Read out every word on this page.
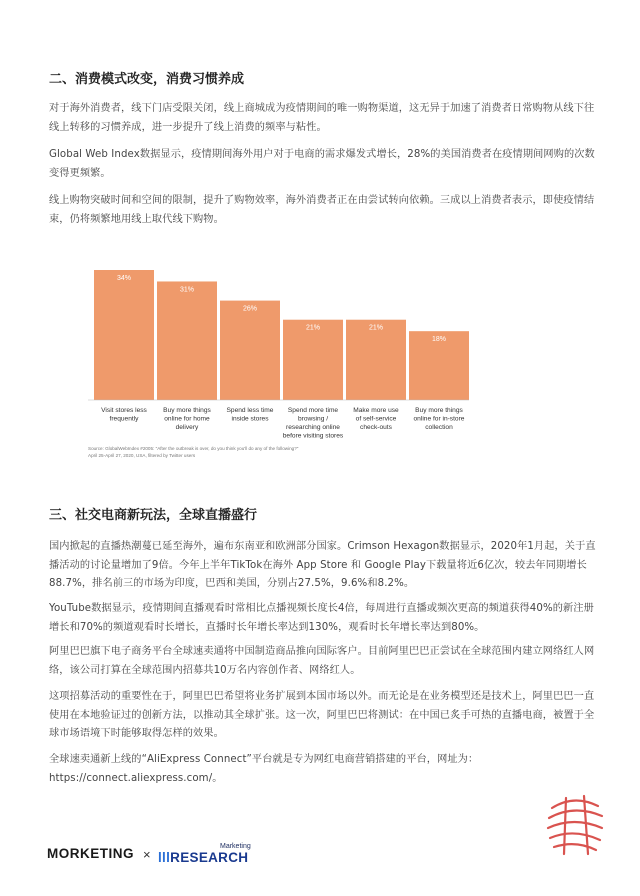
二、消费模式改变，消费习惯养成

对于海外消费者，线下门店受限关闭，线上商城成为疫情期间的唯一购物渠道，这无异于加速了消费者日常购物从线下往线上转移的习惯养成，进一步提升了线上消费的频率与粘性。

Global Web Index数据显示，疫情期间海外用户对于电商的需求爆发式增长，28%的美国消费者在疫情期间网购的次数变得更频繁。

线上购物突破时间和空间的限制，提升了购物效率，海外消费者正在由尝试转向依赖。三成以上消费者表示，即使疫情结束，仍将频繁地用线上取代线下购物。

34%
Visit stores less
frequently
31%
Buy more things
online for home
delivery
26%
Spend less time
inside stores
21%
Spend more time
browsing /
researching online
before visiting stores
21%
Make more use
of self-service
check-outs
18%
Buy more things
online for in-store
collection
Source: GlobalWebIndex #2005: "After the outbreak is over, do you think you'll do any of the following?"
April 25-April 27, 2020, USA, filtered by Twitter users
三、社交电商新玩法，全球直播盛行

国内掀起的直播热潮蔓已延至海外，遍布东南亚和欧洲部分国家。Crimson Hexagon数据显示，2020年1月起，关于直播活动的讨论量增加了9倍。今年上半年TikTok在海外 App Store 和 Google Play下载量将近6亿次，较去年同期增长88.7%，排名前三的市场为印度，巴西和美国，分别占27.5%，9.6%和8.2%。

YouTube数据显示，疫情期间直播观看时常相比点播视频长度长4倍，每周进行直播或频次更高的频道获得40%的新注册增长和70%的频道观看时长增长，直播时长年增长率达到130%，观看时长年增长率达到80%。

阿里巴巴旗下电子商务平台全球速卖通将中国制造商品推向国际客户。目前阿里巴巴正尝试在全球范围内建立网络红人网络，该公司打算在全球范围内招募共10万名内容创作者、网络红人。

这项招募活动的重要性在于，阿里巴巴希望将业务扩展到本国市场以外。而无论是在业务模型还是技术上，阿里巴巴一直使用在本地验证过的创新方法，以推动其全球扩张。这一次，阿里巴巴将测试：在中国已炙手可热的直播电商，被置于全球市场语境下时能够取得怎样的效果。

全球速卖通新上线的“AliExpress Connect”平台就是专为网红电商营销搭建的平台，网址为：https://connect.aliexpress.com/。

MORKETING ×
Marketing
lllRESEARCH
